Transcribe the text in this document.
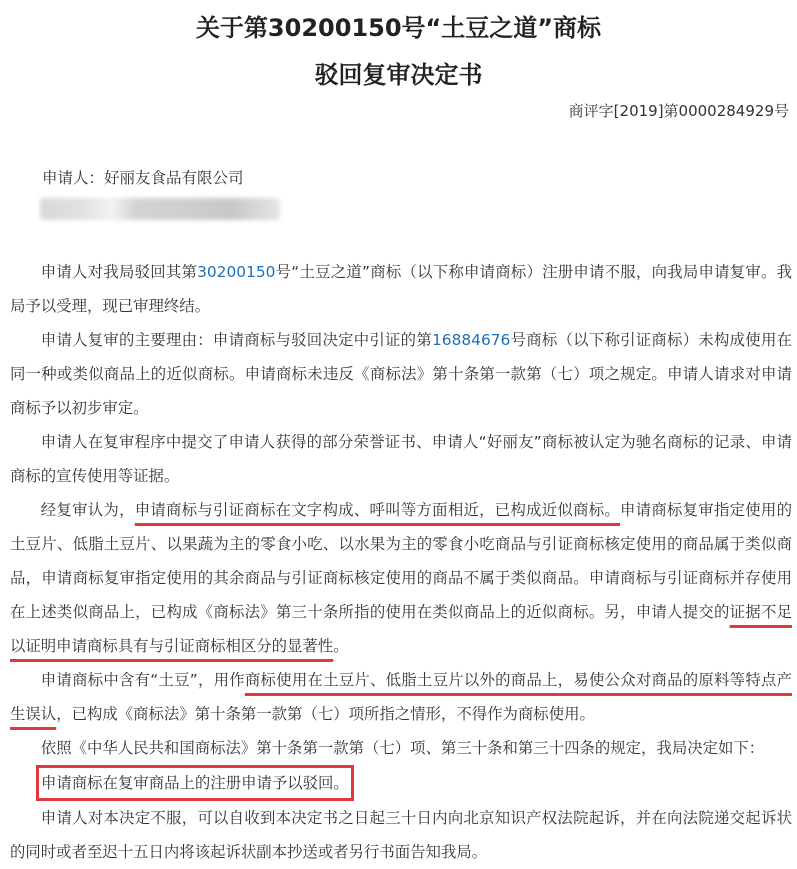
关于第30200150号“土豆之道”商标
驳回复审决定书
商评字[2019]第0000284929号
申请人：好丽友食品有限公司

申请人对我局驳回其第30200150号“土豆之道”商标（以下称申请商标）注册申请不服，向我局申请复审。我局予以受理，现已审理终结。

申请人复审的主要理由：申请商标与驳回决定中引证的第16884676号商标（以下称引证商标）未构成使用在同一种或类似商品上的近似商标。申请商标未违反《商标法》第十条第一款第（七）项之规定。申请人请求对申请商标予以初步审定。

申请人在复审程序中提交了申请人获得的部分荣誉证书、申请人“好丽友”商标被认定为驰名商标的记录、申请商标的宣传使用等证据。

经复审认为，申请商标与引证商标在文字构成、呼叫等方面相近，已构成近似商标。申请商标复审指定使用的土豆片、低脂土豆片、以果蔬为主的零食小吃、以水果为主的零食小吃商品与引证商标核定使用的商品属于类似商品，申请商标复审指定使用的其余商品与引证商标核定使用的商品不属于类似商品。申请商标与引证商标并存使用在上述类似商品上，已构成《商标法》第三十条所指的使用在类似商品上的近似商标。另，申请人提交的证据不足以证明申请商标具有与引证商标相区分的显著性。

申请商标中含有“土豆”，用作商标使用在土豆片、低脂土豆片以外的商品上，易使公众对商品的原料等特点产生误认，已构成《商标法》第十条第一款第（七）项所指之情形，不得作为商标使用。

依照《中华人民共和国商标法》第十条第一款第（七）项、第三十条和第三十四条的规定，我局决定如下：

申请商标在复审商品上的注册申请予以驳回。

申请人对本决定不服，可以自收到本决定书之日起三十日内向北京知识产权法院起诉，并在向法院递交起诉状的同时或者至迟十五日内将该起诉状副本抄送或者另行书面告知我局。
